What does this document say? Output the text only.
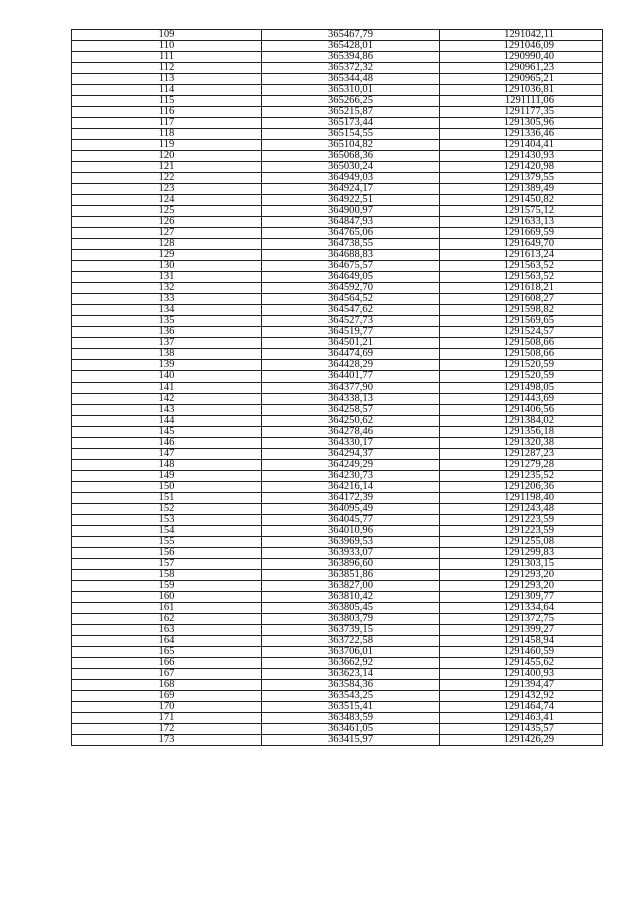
109	365467,79	1291042,11
110	365428,01	1291046,09
111	365394,86	1290990,40
112	365372,32	1290961,23
113	365344,48	1290965,21
114	365310,01	1291036,81
115	365266,25	1291111,06
116	365215,87	1291177,35
117	365173,44	1291305,96
118	365154,55	1291336,46
119	365104,82	1291404,41
120	365068,36	1291430,93
121	365030,24	1291420,98
122	364949,03	1291379,55
123	364924,17	1291389,49
124	364922,51	1291450,82
125	364900,97	1291575,12
126	364847,93	1291633,13
127	364765,06	1291669,59
128	364738,55	1291649,70
129	364688,83	1291613,24
130	364675,57	1291563,52
131	364649,05	1291563,52
132	364592,70	1291618,21
133	364564,52	1291608,27
134	364547,62	1291598,82
135	364527,73	1291569,65
136	364519,77	1291524,57
137	364501,21	1291508,66
138	364474,69	1291508,66
139	364428,29	1291520,59
140	364401,77	1291520,59
141	364377,90	1291498,05
142	364338,13	1291443,69
143	364258,57	1291406,56
144	364250,62	1291384,02
145	364278,46	1291356,18
146	364330,17	1291320,38
147	364294,37	1291287,23
148	364249,29	1291279,28
149	364230,73	1291235,52
150	364216,14	1291206,36
151	364172,39	1291198,40
152	364095,49	1291243,48
153	364045,77	1291223,59
154	364010,96	1291223,59
155	363969,53	1291255,08
156	363933,07	1291299,83
157	363896,60	1291303,15
158	363851,86	1291293,20
159	363827,00	1291293,20
160	363810,42	1291309,77
161	363805,45	1291334,64
162	363803,79	1291372,75
163	363739,15	1291399,27
164	363722,58	1291458,94
165	363706,01	1291460,59
166	363662,92	1291455,62
167	363623,14	1291400,93
168	363584,36	1291394,47
169	363543,25	1291432,92
170	363515,41	1291464,74
171	363483,59	1291463,41
172	363461,05	1291435,57
173	363415,97	1291426,29
